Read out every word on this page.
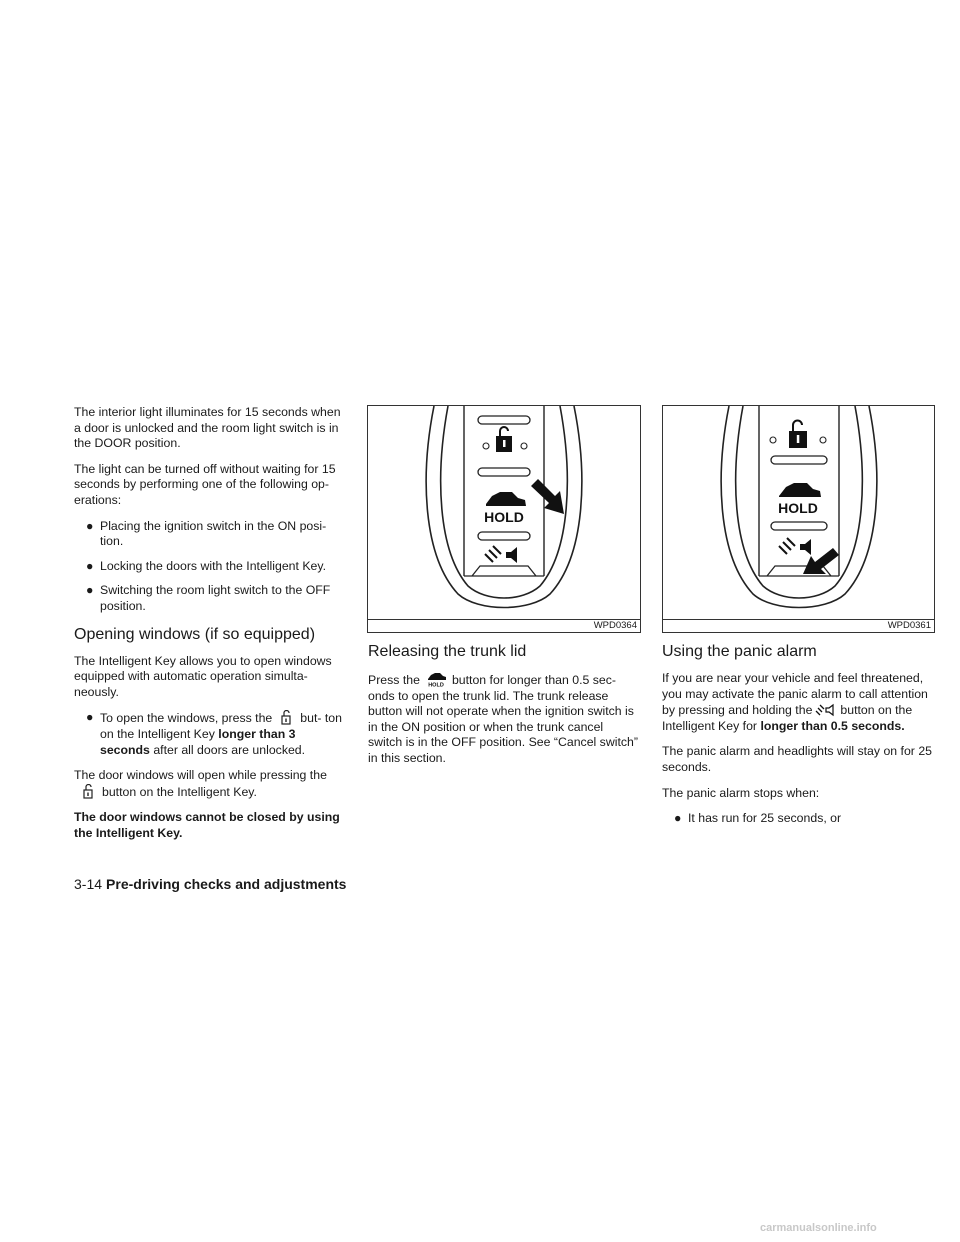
The interior light illuminates for 15 seconds when a door is unlocked and the room light switch is in the DOOR position.

The light can be turned off without waiting for 15 seconds by performing one of the following op- erations:

● Placing the ignition switch in the ON posi- tion.
● Locking the doors with the Intelligent Key.
● Switching the room light switch to the OFF position.
Opening windows (if so equipped)

The Intelligent Key allows you to open windows equipped with automatic operation simulta- neously.

● To open the windows, press the but- ton on the Intelligent Key longer than 3 seconds after all doors are unlocked.

The door windows will open while pressing thebutton on the Intelligent Key.

The door windows cannot be closed by using the Intelligent Key.

HOLD
WPD0364
Releasing the trunk lid

Press the HOLD button for longer than 0.5 sec- onds to open the trunk lid. The trunk release button will not operate when the ignition switch is in the ON position or when the trunk cancel switch is in the OFF position. See “Cancel switch” in this section.

HOLD
WPD0361
Using the panic alarm

If you are near your vehicle and feel threatened, you may activate the panic alarm to call attention by pressing and holding the button on the Intelligent Key for longer than 0.5 seconds.

The panic alarm and headlights will stay on for 25 seconds.

The panic alarm stops when:

● It has run for 25 seconds, or
3-14 Pre-driving checks and adjustments
carmanualsonline.info
